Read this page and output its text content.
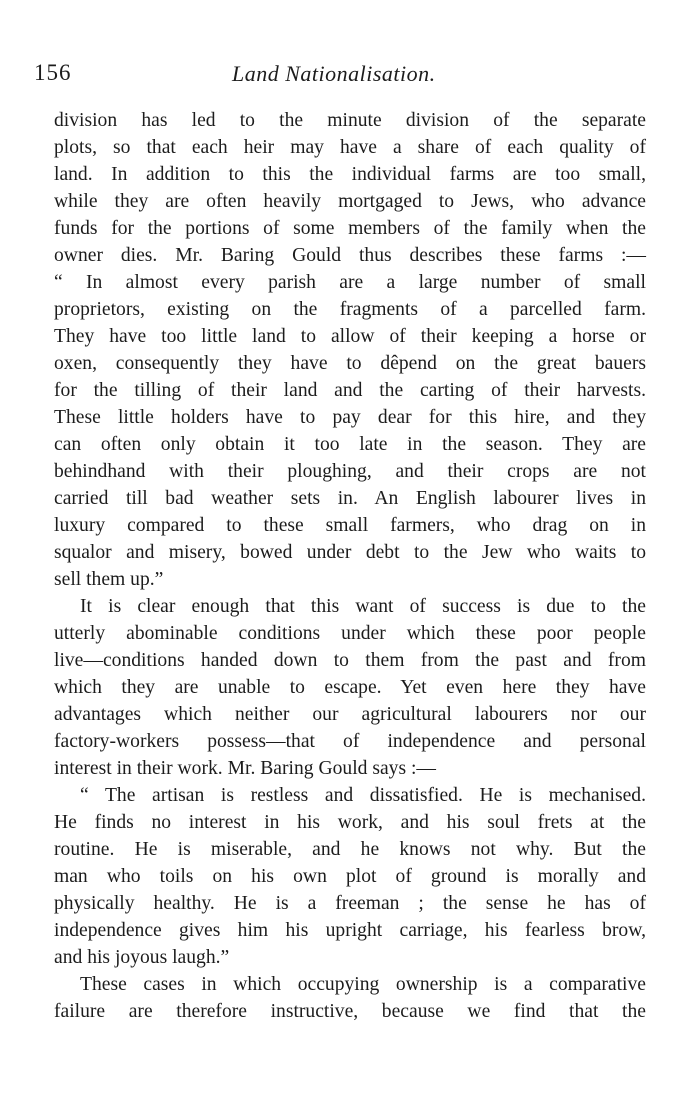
156	Land Nationalisation.
division has led to the minute division of the separate
plots, so that each heir may have a share of each quality of
land. In addition to this the individual farms are too small,
while they are often heavily mortgaged to Jews, who advance
funds for the portions of some members of the family when the
owner dies. Mr. Baring Gould thus describes these farms :—
“ In almost every parish are a large number of small
proprietors, existing on the fragments of a parcelled farm.
They have too little land to allow of their keeping a horse or
oxen, consequently they have to dêpend on the great bauers
for the tilling of their land and the carting of their harvests.
These little holders have to pay dear for this hire, and they
can often only obtain it too late in the season. They are
behindhand with their ploughing, and their crops are not
carried till bad weather sets in. An English labourer lives in
luxury compared to these small farmers, who drag on in
squalor and misery, bowed under debt to the Jew who waits to
sell them up.”
It is clear enough that this want of success is due to the
utterly abominable conditions under which these poor people
live—conditions handed down to them from the past and from
which they are unable to escape. Yet even here they have
advantages which neither our agricultural labourers nor our
factory-workers possess—that of independence and personal
interest in their work. Mr. Baring Gould says :—
“ The artisan is restless and dissatisfied. He is mechanised.
He finds no interest in his work, and his soul frets at the
routine. He is miserable, and he knows not why. But the
man who toils on his own plot of ground is morally and
physically healthy. He is a freeman ; the sense he has of
independence gives him his upright carriage, his fearless brow,
and his joyous laugh.”
These cases in which occupying ownership is a comparative
failure are therefore instructive, because we find that the
